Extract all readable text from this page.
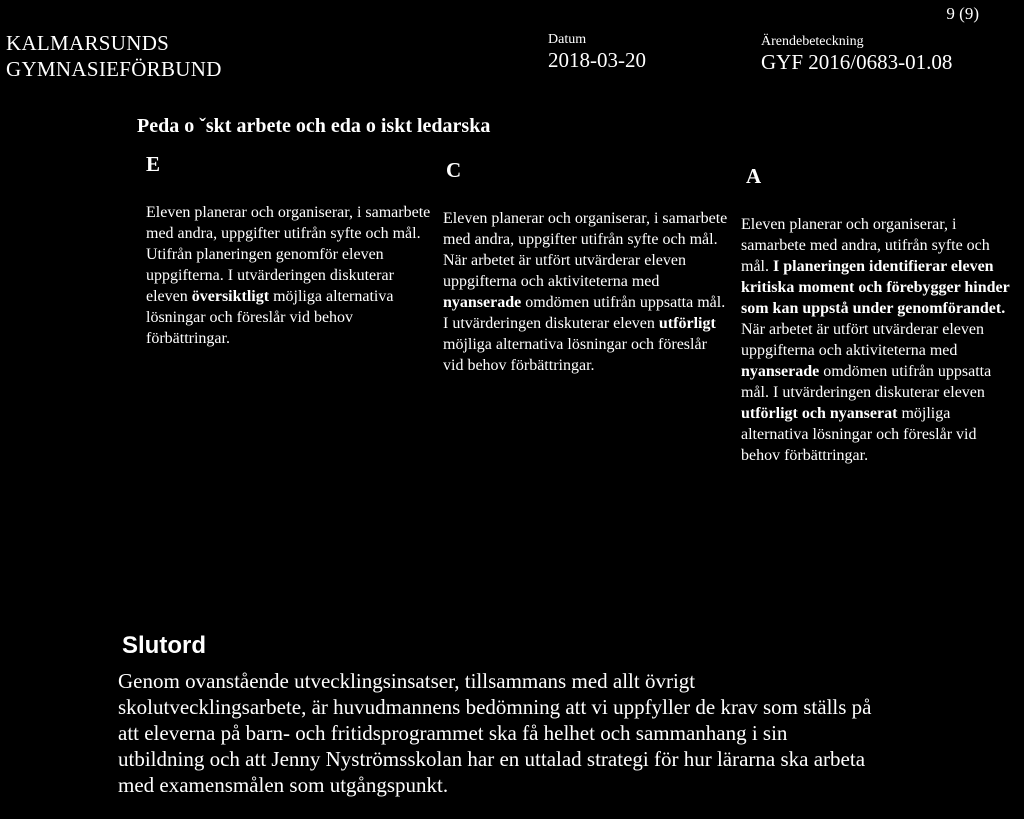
KALMARSUNDS
GYMNASIEFÖRBUND
Datum
2018-03-20
Ärendebeteckning
GYF 2016/0683-01.08
9 (9)
Peda o ˇskt arbete och eda o iskt ledarska
E
Eleven planerar och organiserar, i samarbete med andra, uppgifter utifrån syfte och mål. Utifrån planeringen genomför eleven uppgifterna. I utvärderingen diskuterar eleven översiktligt möjliga alternativa lösningar och föreslår vid behov förbättringar.
C
Eleven planerar och organiserar, i samarbete med andra, uppgifter utifrån syfte och mål. När arbetet är utfört utvärderar eleven uppgifterna och aktiviteterna med nyanserade omdömen utifrån uppsatta mål. I utvärderingen diskuterar eleven utförligt möjliga alternativa lösningar och föreslår vid behov förbättringar.
A
Eleven planerar och organiserar, i samarbete med andra, utifrån syfte och mål. I planeringen identifierar eleven kritiska moment och förebygger hinder som kan uppstå under genomförandet. När arbetet är utfört utvärderar eleven uppgifterna och aktiviteterna med nyanserade omdömen utifrån uppsatta mål. I utvärderingen diskuterar eleven utförligt och nyanserat möjliga alternativa lösningar och föreslår vid behov förbättringar.
Slutord
Genom ovanstående utvecklingsinsatser, tillsammans med allt övrigt skolutvecklingsarbete, är huvudmannens bedömning att vi uppfyller de krav som ställs på att eleverna på barn- och fritidsprogrammet ska få helhet och sammanhang i sin utbildning och att Jenny Nyströmsskolan har en uttalad strategi för hur lärarna ska arbeta med examensmålen som utgångspunkt.
